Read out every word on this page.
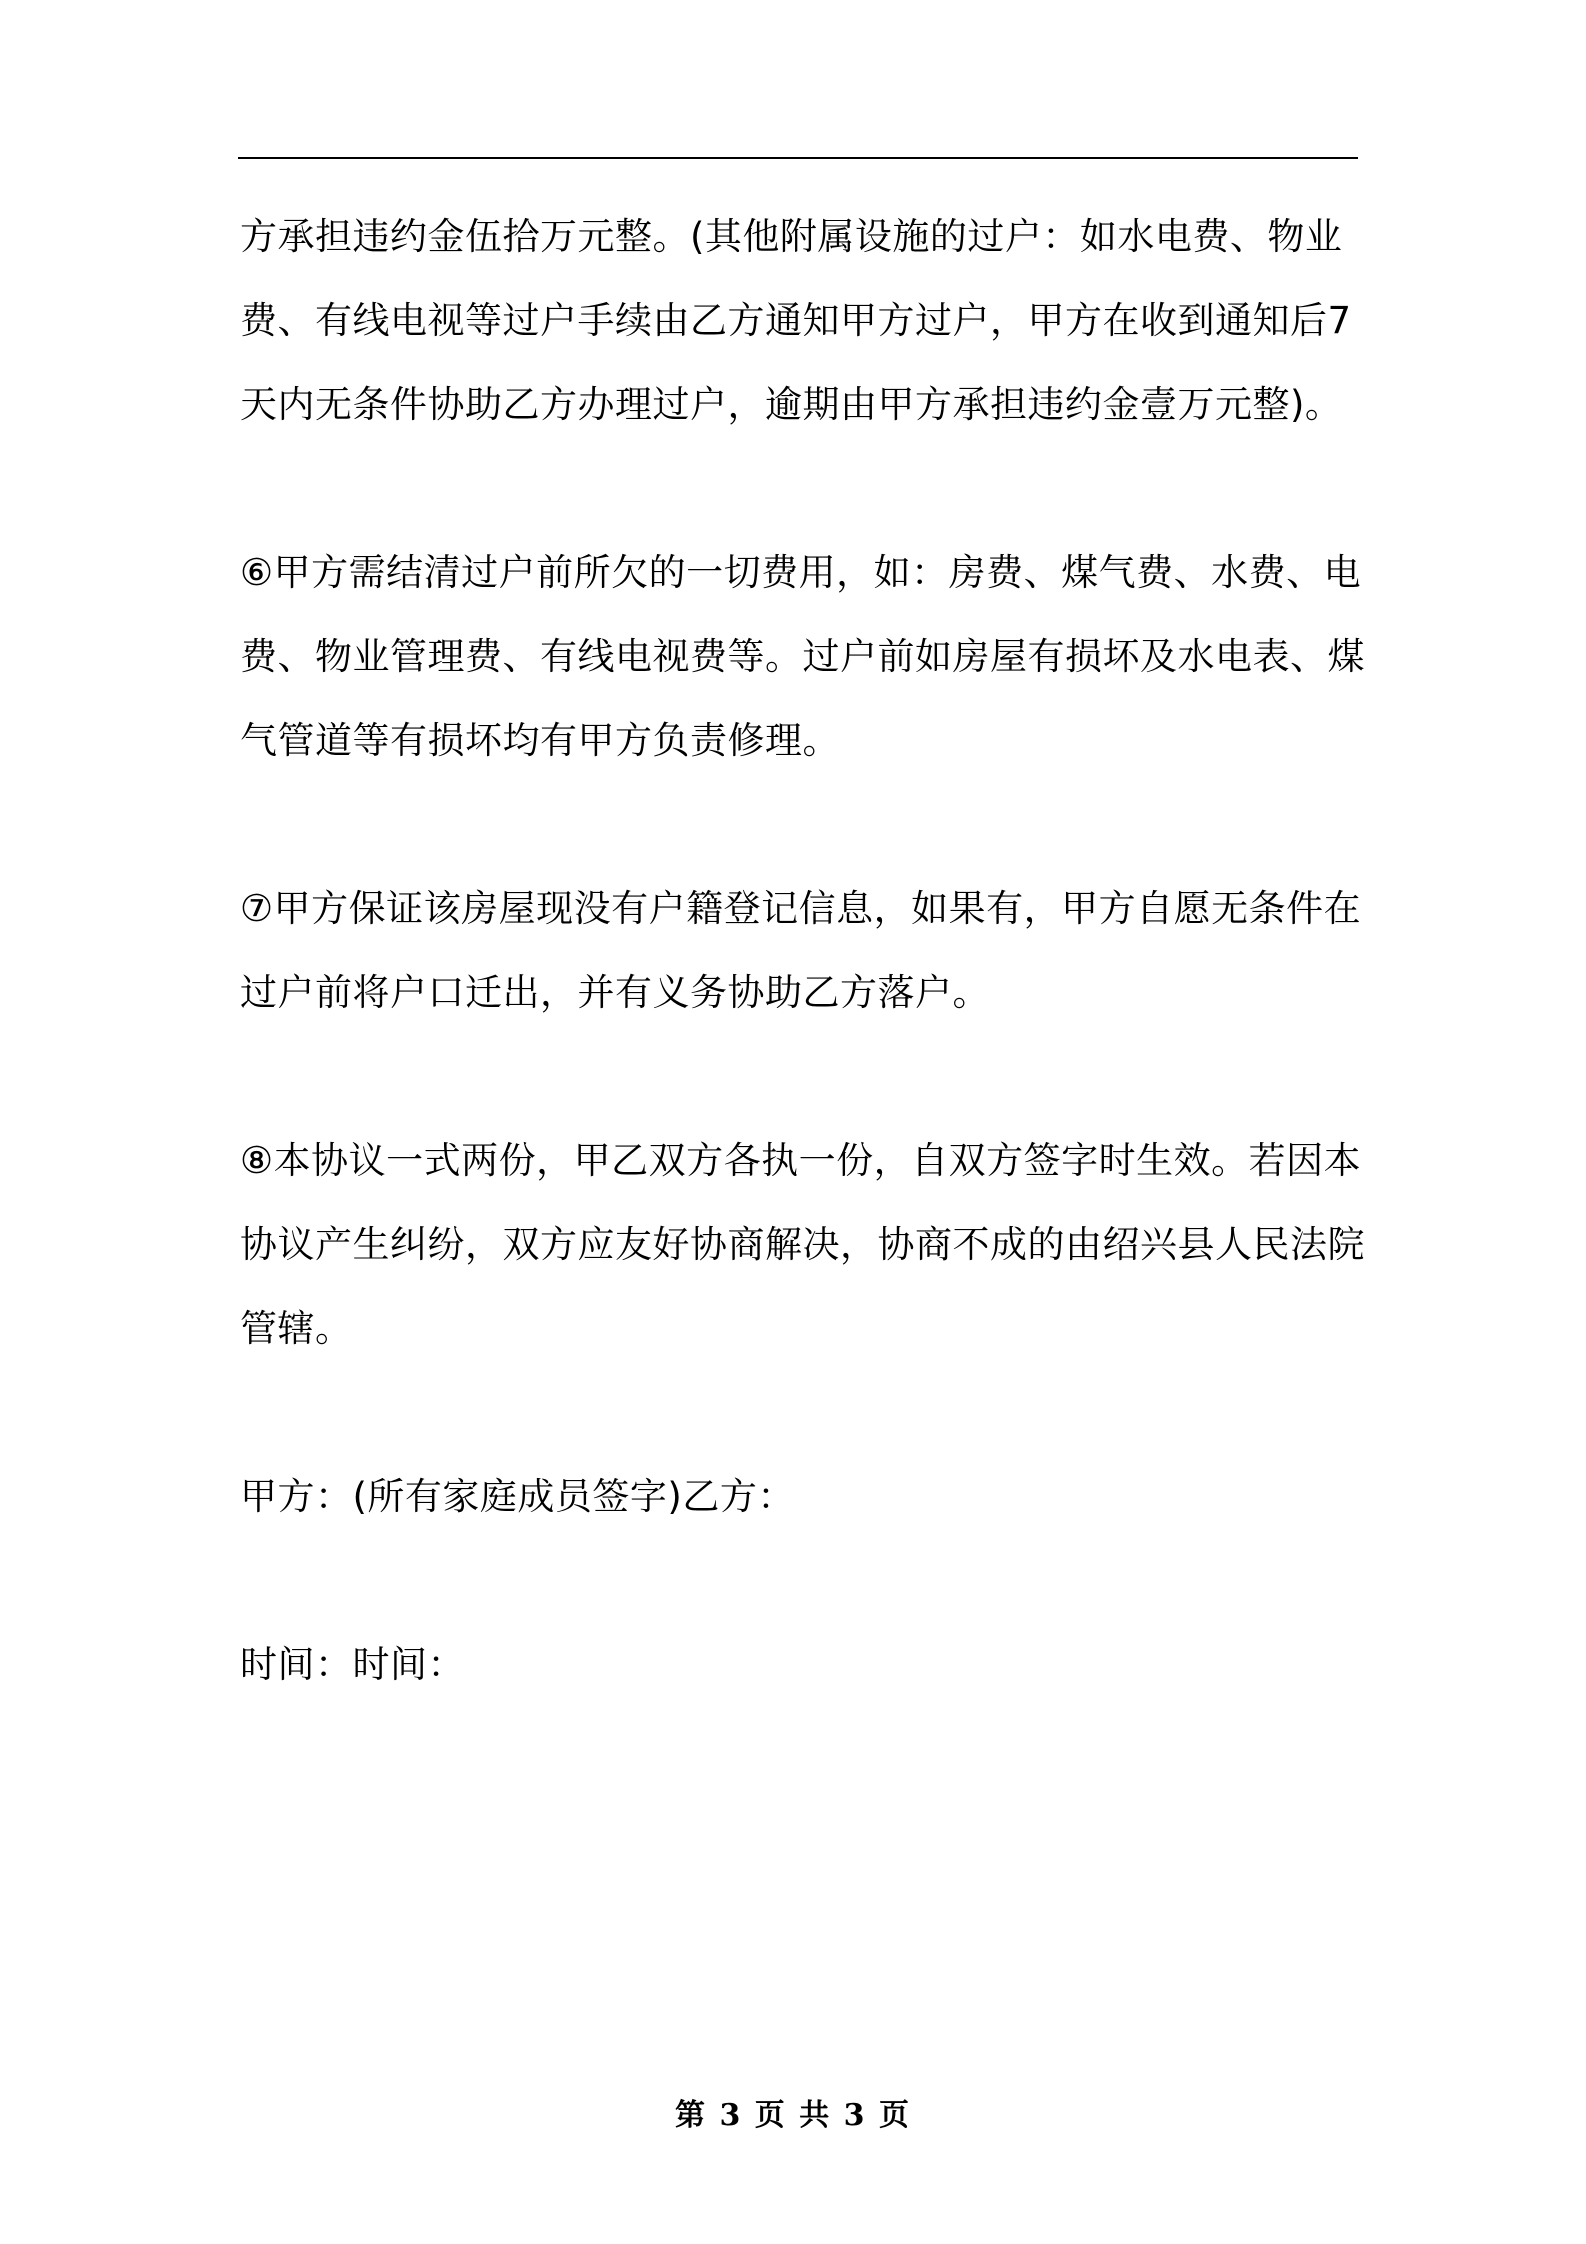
方承担违约金伍拾万元整。(其他附属设施的过户：如水电费、物业费、有线电视等过户手续由乙方通知甲方过户，甲方在收到通知后7天内无条件协助乙方办理过户，逾期由甲方承担违约金壹万元整)。

⑥甲方需结清过户前所欠的一切费用，如：房费、煤气费、水费、电费、物业管理费、有线电视费等。过户前如房屋有损坏及水电表、煤气管道等有损坏均有甲方负责修理。

⑦甲方保证该房屋现没有户籍登记信息，如果有，甲方自愿无条件在过户前将户口迁出，并有义务协助乙方落户。

⑧本协议一式两份，甲乙双方各执一份，自双方签字时生效。若因本协议产生纠纷，双方应友好协商解决，协商不成的由绍兴县人民法院管辖。

甲方：(所有家庭成员签字)乙方：

时间：时间：

第 3 页 共 3 页
